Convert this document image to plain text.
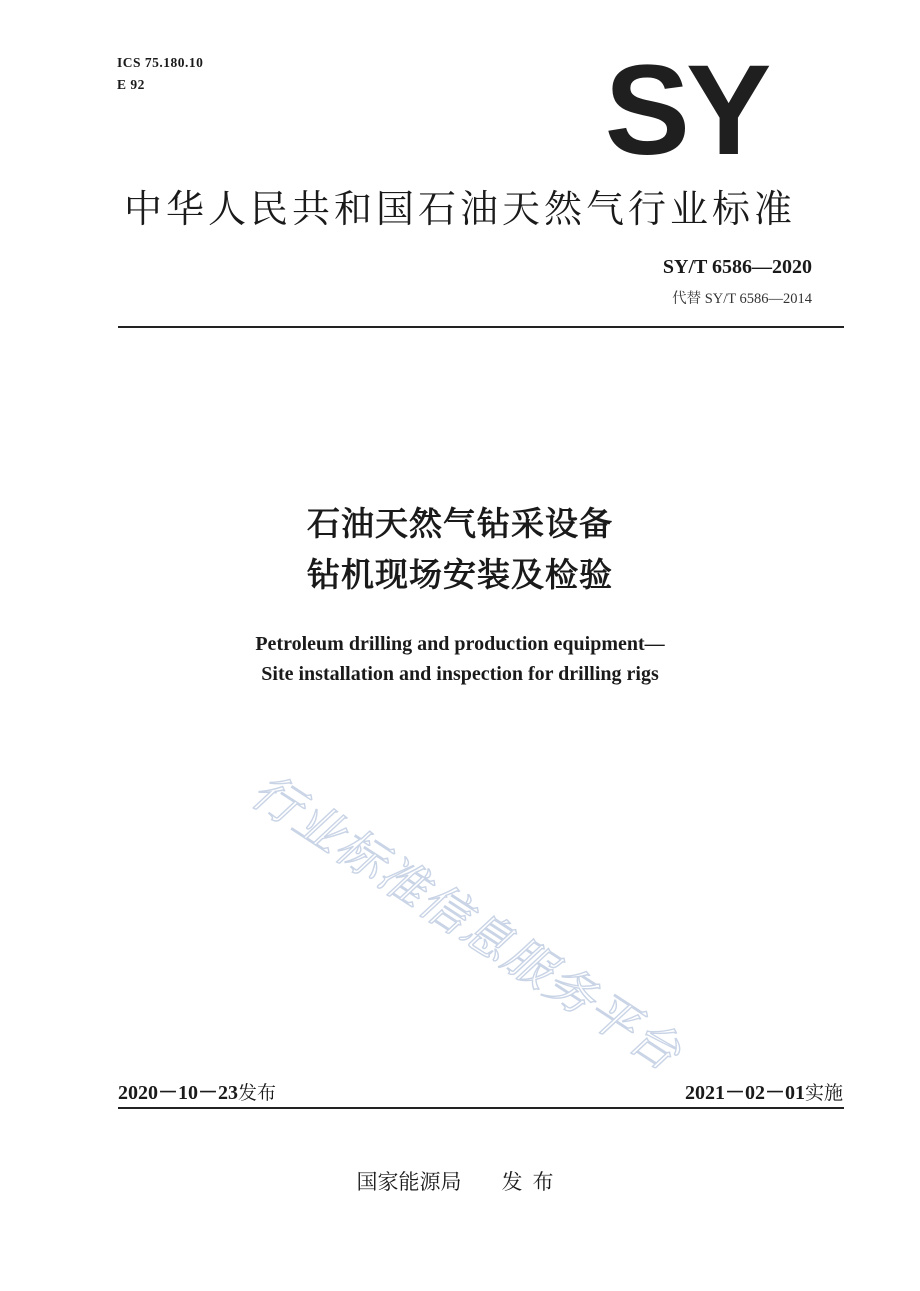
ICS 75.180.10
E 92	SY
中华人民共和国石油天然气行业标准
SY/T 6586—2020
代替 SY/T 6586—2014
石油天然气钻采设备
钻机现场安装及检验
Petroleum drilling and production equipment—
Site installation and inspection for drilling rigs
行业标准信息服务平台
2020－10－23发布	2021－02－01实施
国家能源局 发布
